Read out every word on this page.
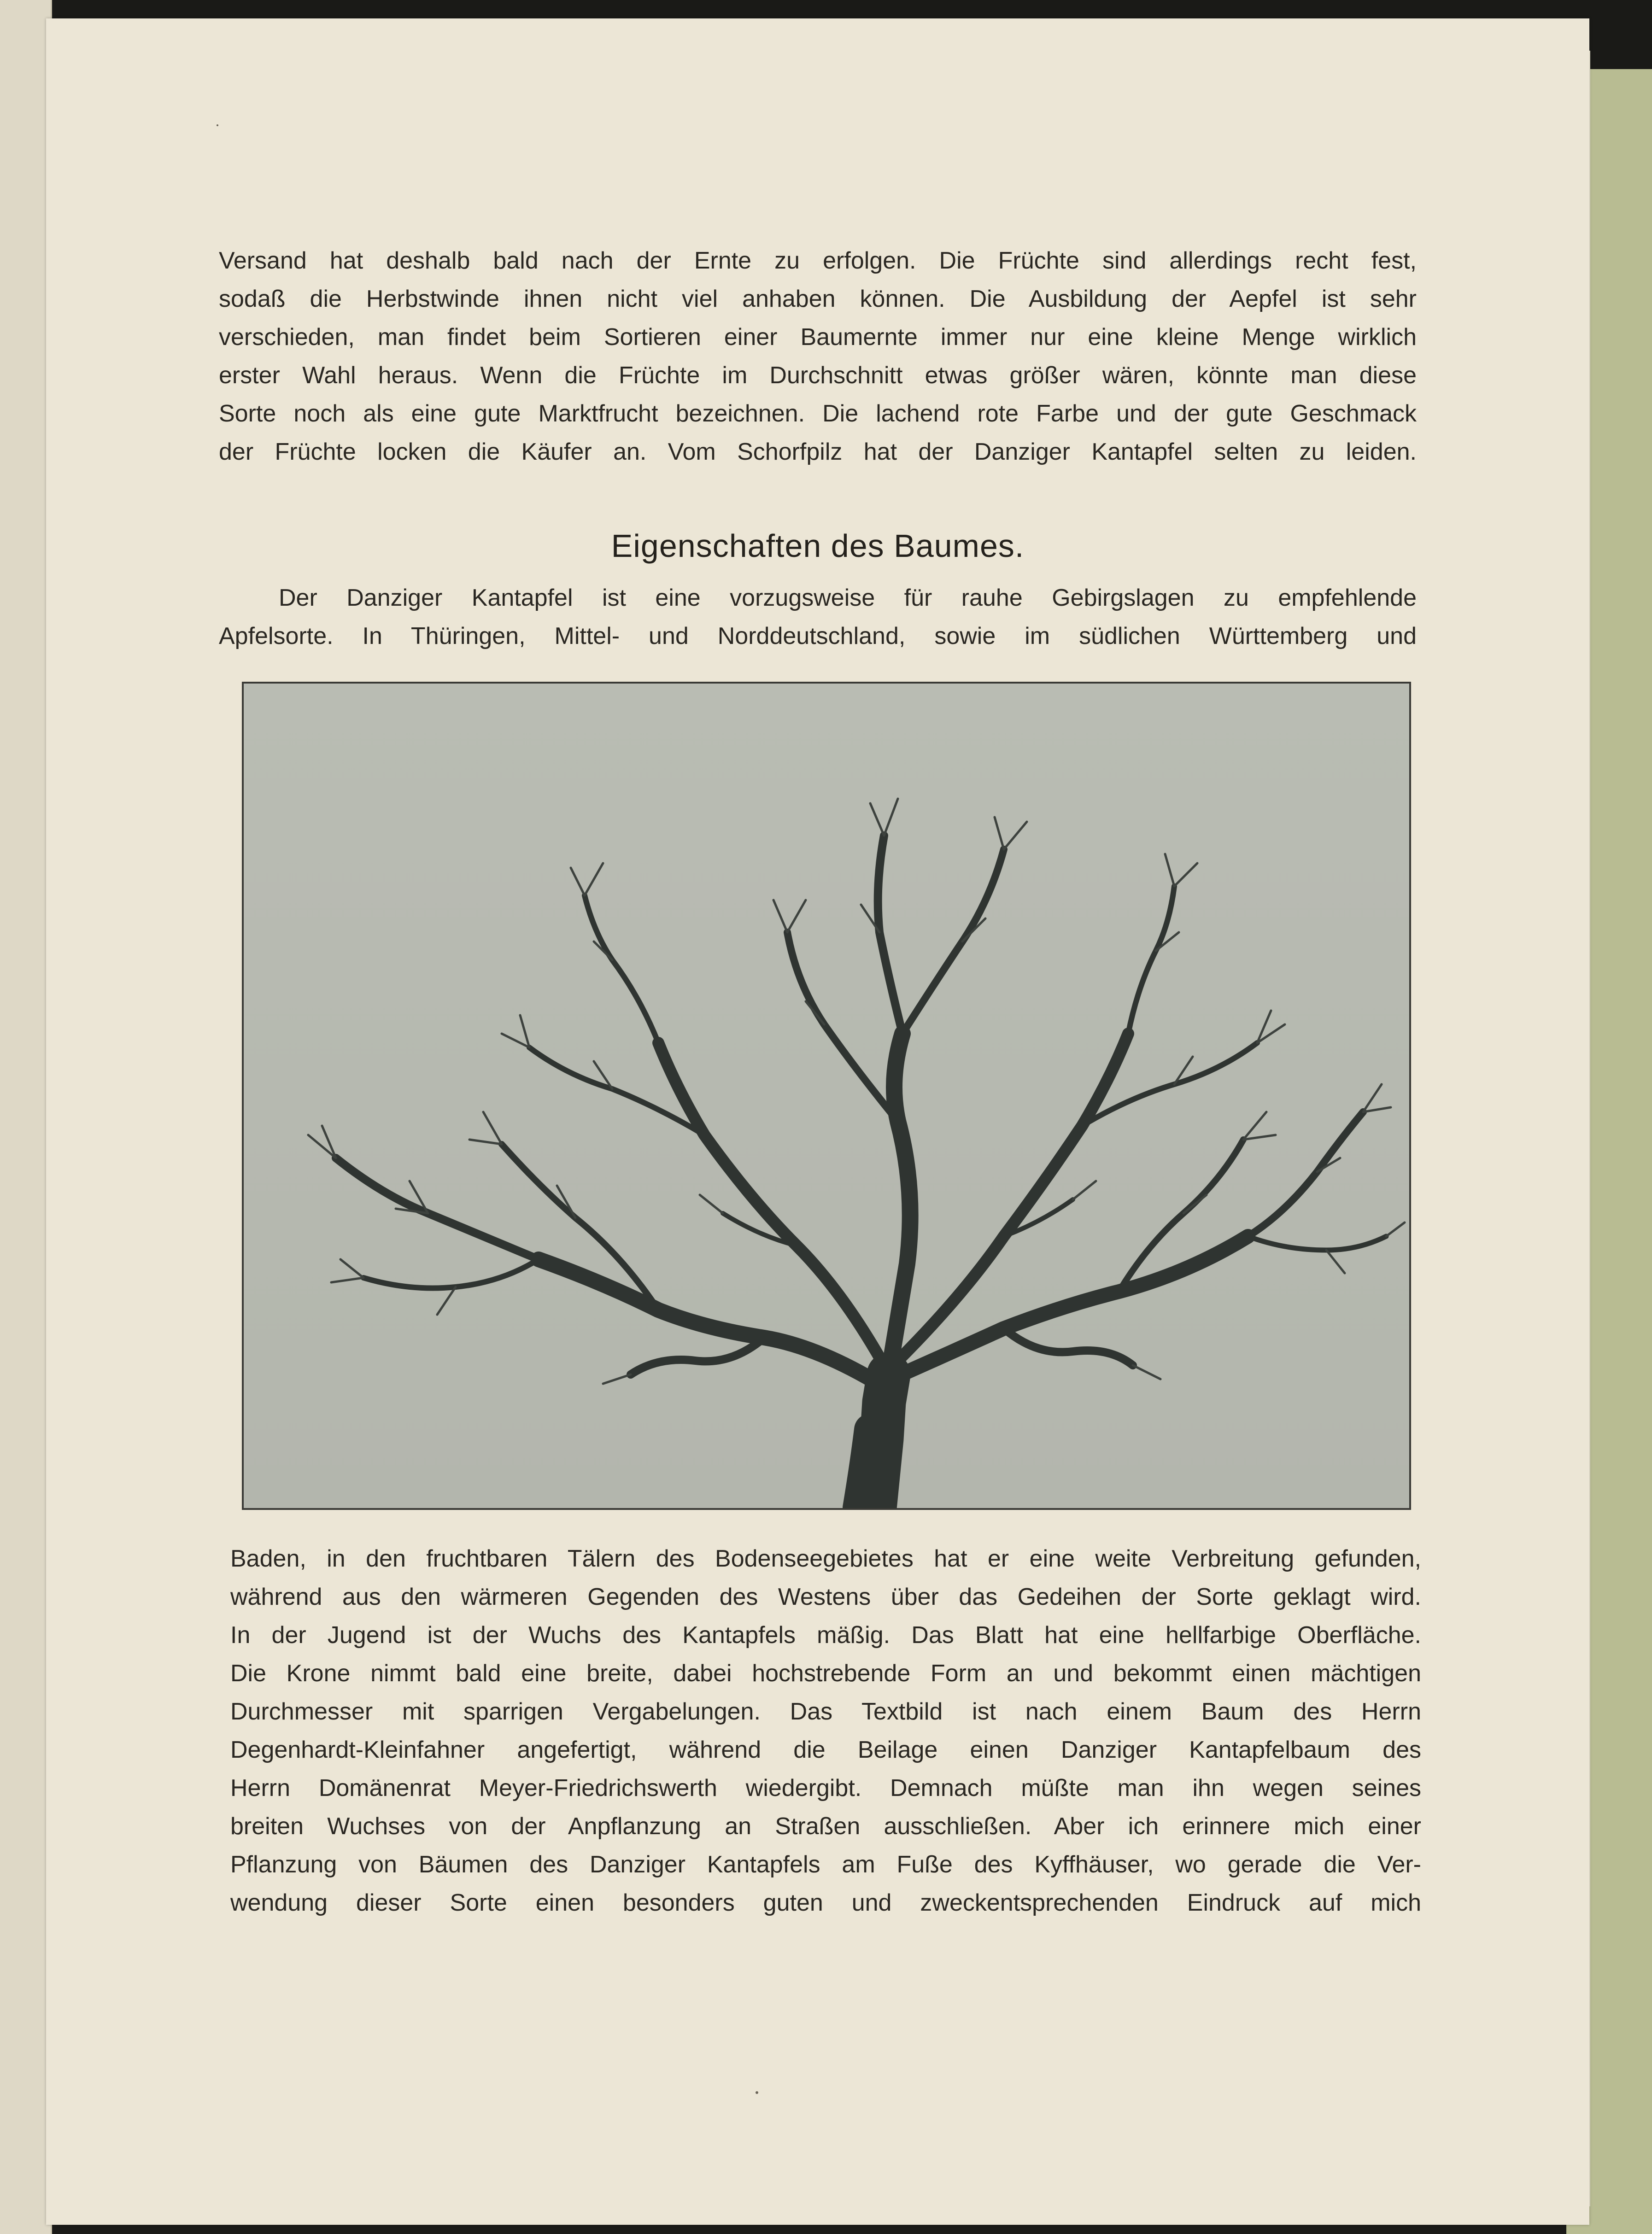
Versand hat deshalb bald nach der Ernte zu erfolgen. Die Früchte sind allerdings recht fest,
sodaß die Herbstwinde ihnen nicht viel anhaben können. Die Ausbildung der Aepfel ist sehr
verschieden, man findet beim Sortieren einer Baumernte immer nur eine kleine Menge wirklich
erster Wahl heraus. Wenn die Früchte im Durchschnitt etwas größer wären, könnte man diese
Sorte noch als eine gute Marktfrucht bezeichnen. Die lachend rote Farbe und der gute Geschmack
der Früchte locken die Käufer an. Vom Schorfpilz hat der Danziger Kantapfel selten zu leiden.
Eigenschaften des Baumes.
Der Danziger Kantapfel ist eine vorzugsweise für rauhe Gebirgslagen zu empfehlende
Apfelsorte. In Thüringen, Mittel- und Norddeutschland, sowie im südlichen Württemberg und
Baden, in den fruchtbaren Tälern des Bodenseegebietes hat er eine weite Verbreitung gefunden,
während aus den wärmeren Gegenden des Westens über das Gedeihen der Sorte geklagt wird.
In der Jugend ist der Wuchs des Kantapfels mäßig. Das Blatt hat eine hellfarbige Oberfläche.
Die Krone nimmt bald eine breite, dabei hochstrebende Form an und bekommt einen mächtigen
Durchmesser mit sparrigen Vergabelungen. Das Textbild ist nach einem Baum des Herrn
Degenhardt-Kleinfahner angefertigt, während die Beilage einen Danziger Kantapfelbaum des
Herrn Domänenrat Meyer-Friedrichswerth wiedergibt. Demnach müßte man ihn wegen seines
breiten Wuchses von der Anpflanzung an Straßen ausschließen. Aber ich erinnere mich einer
Pflanzung von Bäumen des Danziger Kantapfels am Fuße des Kyffhäuser, wo gerade die Ver-
wendung dieser Sorte einen besonders guten und zweckentsprechenden Eindruck auf mich
